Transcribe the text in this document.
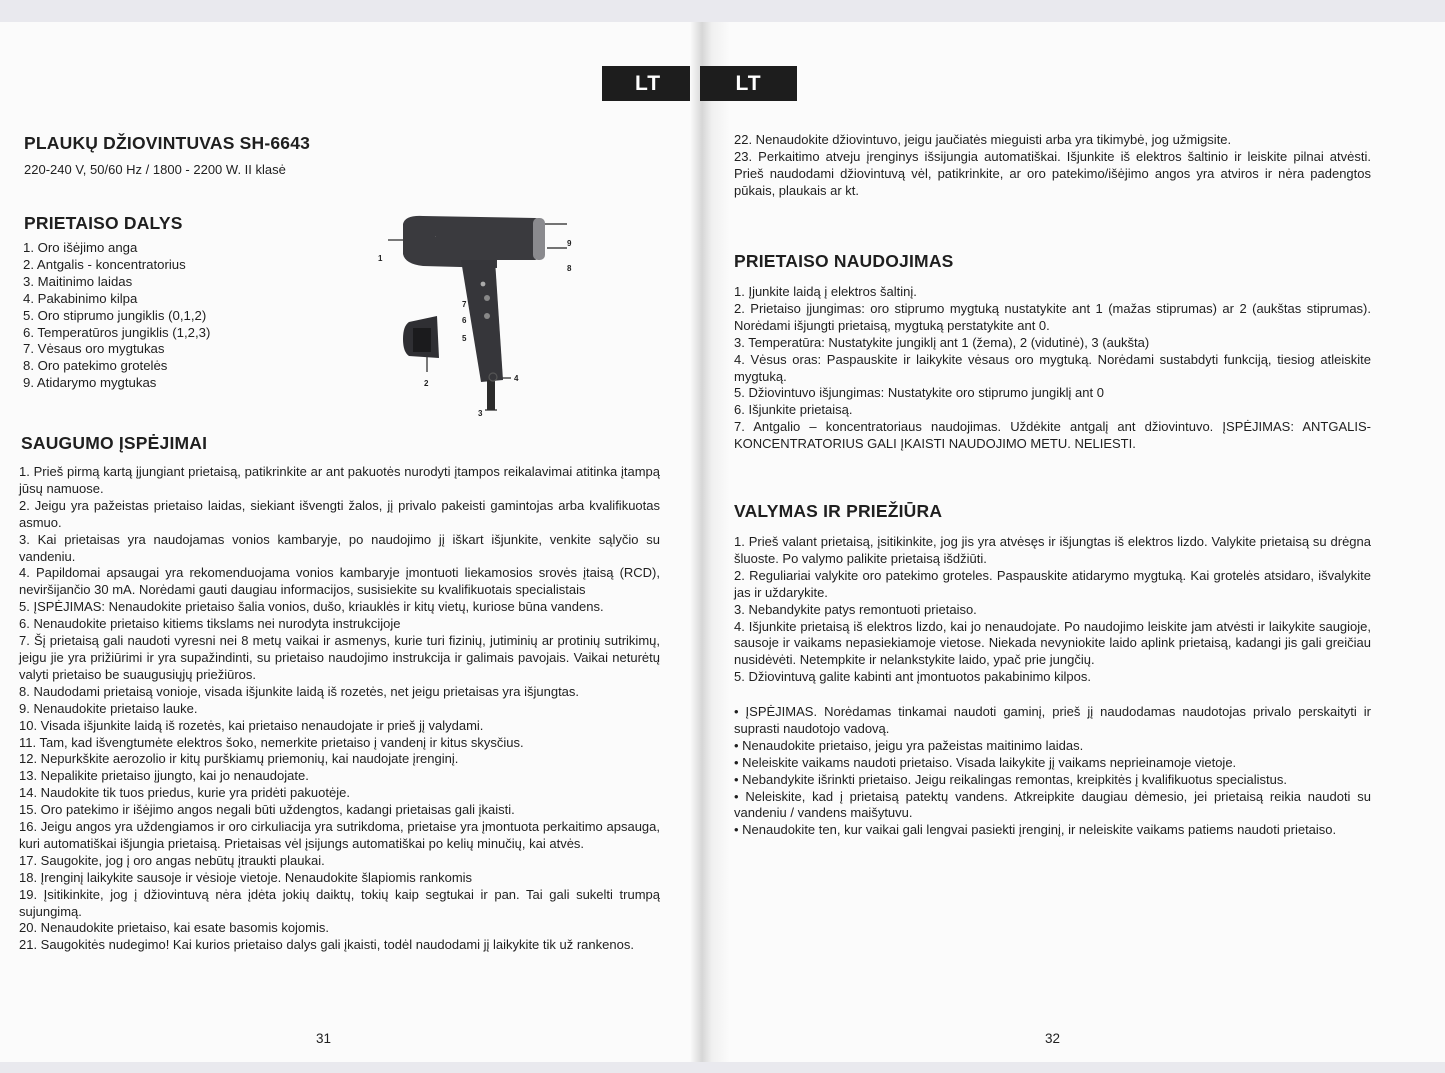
LT
PLAUKŲ DŽIOVINTUVAS SH-6643
220-240 V, 50/60 Hz / 1800 - 2200 W. II klasė
PRIETAISO DALYS
1. Oro išėjimo anga
2. Antgalis - koncentratorius
3. Maitinimo laidas
4. Pakabinimo kilpa
5. Oro stiprumo jungiklis (0,1,2)
6. Temperatūros jungiklis (1,2,3)
7. Vėsaus oro mygtukas
8. Oro patekimo grotelės
9. Atidarymo mygtukas
·
1
2
3
4
5
6
7
8
9
SAUGUMO ĮSPĖJIMAI
1. Prieš pirmą kartą įjungiant prietaisą, patikrinkite ar ant pakuotės nurodyti įtampos reikalavimai atitinka įtampą jūsų namuose.
2. Jeigu yra pažeistas prietaiso laidas, siekiant išvengti žalos, jį privalo pakeisti gamintojas arba kvalifikuotas asmuo.
3. Kai prietaisas yra naudojamas vonios kambaryje, po naudojimo jį iškart išjunkite, venkite sąlyčio su vandeniu.
4. Papildomai apsaugai yra rekomenduojama vonios kambaryje įmontuoti liekamosios srovės įtaisą (RCD), neviršijančio 30 mA. Norėdami gauti daugiau informacijos, susisiekite su kvalifikuotais specialistais
5. ĮSPĖJIMAS: Nenaudokite prietaiso šalia vonios, dušo, kriauklės ir kitų vietų, kuriose būna vandens.
6. Nenaudokite prietaiso kitiems tikslams nei nurodyta instrukcijoje
7. Šį prietaisą gali naudoti vyresni nei 8 metų vaikai ir asmenys, kurie turi fizinių, jutiminių ar protinių sutrikimų, jeigu jie yra prižiūrimi ir yra supažindinti, su prietaiso naudojimo instrukcija ir galimais pavojais. Vaikai neturėtų valyti prietaiso be suaugusiųjų priežiūros.
8. Naudodami prietaisą vonioje, visada išjunkite laidą iš rozetės, net jeigu prietaisas yra išjungtas.
9. Nenaudokite prietaiso lauke.
10. Visada išjunkite laidą iš rozetės, kai prietaiso nenaudojate ir prieš jį valydami.
11. Tam, kad išvengtumėte elektros šoko, nemerkite prietaiso į vandenį ir kitus skysčius.
12. Nepurkškite aerozolio ir kitų purškiamų priemonių, kai naudojate įrenginį.
13. Nepalikite prietaiso įjungto, kai jo nenaudojate.
14. Naudokite tik tuos priedus, kurie yra pridėti pakuotėje.
15. Oro patekimo ir išėjimo angos negali būti uždengtos, kadangi prietaisas gali įkaisti.
16. Jeigu angos yra uždengiamos ir oro cirkuliacija yra sutrikdoma, prietaise yra įmontuota perkaitimo apsauga, kuri automatiškai išjungia prietaisą. Prietaisas vėl įsijungs automatiškai po kelių minučių, kai atvės.
17. Saugokite, jog į oro angas nebūtų įtraukti plaukai.
18. Įrenginį laikykite sausoje ir vėsioje vietoje. Nenaudokite šlapiomis rankomis
19. Įsitikinkite, jog į džiovintuvą nėra įdėta jokių daiktų, tokių kaip segtukai ir pan. Tai gali sukelti trumpą sujungimą.
20. Nenaudokite prietaiso, kai esate basomis kojomis.
21. Saugokitės nudegimo! Kai kurios prietaiso dalys gali įkaisti, todėl naudodami jį laikykite tik už rankenos.
31
LT
22. Nenaudokite džiovintuvo, jeigu jaučiatės mieguisti arba yra tikimybė, jog užmigsite.
23. Perkaitimo atveju įrenginys išsijungia automatiškai. Išjunkite iš elektros šaltinio ir leiskite pilnai atvėsti. Prieš naudodami džiovintuvą vėl, patikrinkite, ar oro patekimo/išėjimo angos yra atviros ir nėra padengtos pūkais, plaukais ar kt.
PRIETAISO NAUDOJIMAS
1. Įjunkite laidą į elektros šaltinį.
2. Prietaiso įjungimas: oro stiprumo mygtuką nustatykite ant 1 (mažas stiprumas) ar 2 (aukštas stiprumas). Norėdami išjungti prietaisą, mygtuką perstatykite ant 0.
3. Temperatūra: Nustatykite jungiklį ant 1 (žema), 2 (vidutinė), 3 (aukšta)
4. Vėsus oras: Paspauskite ir laikykite vėsaus oro mygtuką. Norėdami sustabdyti funkciją, tiesiog atleiskite mygtuką.
5. Džiovintuvo išjungimas: Nustatykite oro stiprumo jungiklį ant 0
6. Išjunkite prietaisą.
7. Antgalio – koncentratoriaus naudojimas. Uždėkite antgalį ant džiovintuvo. ĮSPĖJIMAS: ANTGALIS-KONCENTRATORIUS GALI ĮKAISTI NAUDOJIMO METU. NELIESTI.
VALYMAS IR PRIEŽIŪRA
1. Prieš valant prietaisą, įsitikinkite, jog jis yra atvėsęs ir išjungtas iš elektros lizdo. Valykite prietaisą su drėgna šluoste. Po valymo palikite prietaisą išdžiūti.
2. Reguliariai valykite oro patekimo groteles. Paspauskite atidarymo mygtuką. Kai grotelės atsidaro, išvalykite jas ir uždarykite.
3. Nebandykite patys remontuoti prietaiso.
4. Išjunkite prietaisą iš elektros lizdo, kai jo nenaudojate. Po naudojimo leiskite jam atvėsti ir laikykite saugioje, sausoje ir vaikams nepasiekiamoje vietose. Niekada nevyniokite laido aplink prietaisą, kadangi jis gali greičiau nusidėvėti. Netempkite ir nelankstykite laido, ypač prie jungčių.
5. Džiovintuvą galite kabinti ant įmontuotos pakabinimo kilpos.
• ĮSPĖJIMAS. Norėdamas tinkamai naudoti gaminį, prieš jį naudodamas naudotojas privalo perskaityti ir suprasti naudotojo vadovą.
• Nenaudokite prietaiso, jeigu yra pažeistas maitinimo laidas.
• Neleiskite vaikams naudoti prietaiso. Visada laikykite jį vaikams neprieinamoje vietoje.
• Nebandykite išrinkti prietaiso. Jeigu reikalingas remontas, kreipkitės į kvalifikuotus specialistus.
• Neleiskite, kad į prietaisą patektų vandens. Atkreipkite daugiau dėmesio, jei prietaisą reikia naudoti su vandeniu / vandens maišytuvu.
• Nenaudokite ten, kur vaikai gali lengvai pasiekti įrenginį, ir neleiskite vaikams patiems naudoti prietaiso.
32
